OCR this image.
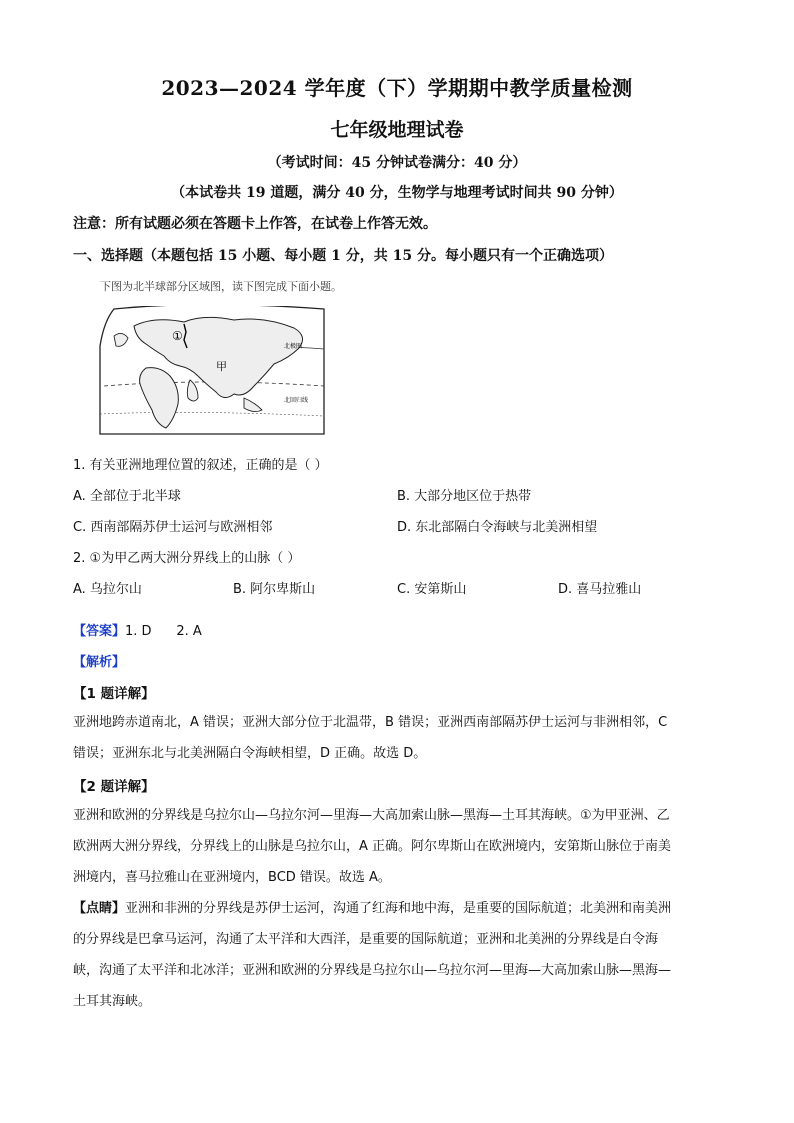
2023—2024 学年度（下）学期期中教学质量检测
七年级地理试卷
（考试时间：45 分钟试卷满分：40 分）
（本试卷共 19 道题，满分 40 分，生物学与地理考试时间共 90 分钟）
注意：所有试题必须在答题卡上作答，在试卷上作答无效。
一、选择题（本题包括 15 小题、每小题 1 分，共 15 分。每小题只有一个正确选项）
下图为北半球部分区域图，读下图完成下面小题。
①
甲
北极圈
北回归线
1. 有关亚洲地理位置的叙述，正确的是（ ）
A. 全部位于北半球	B. 大部分地区位于热带
C. 西南部隔苏伊士运河与欧洲相邻	D. 东北部隔白令海峡与北美洲相望
2. ①为甲乙两大洲分界线上的山脉（ ）
A. 乌拉尔山	B. 阿尔卑斯山	C. 安第斯山	D. 喜马拉雅山
【答案】1. D      2. A
【解析】
【1 题详解】
亚洲地跨赤道南北，A 错误；亚洲大部分位于北温带，B 错误；亚洲西南部隔苏伊士运河与非洲相邻，C
错误；亚洲东北与北美洲隔白令海峡相望，D 正确。故选 D。
【2 题详解】
亚洲和欧洲的分界线是乌拉尔山—乌拉尔河—里海—大高加索山脉—黑海—土耳其海峡。①为甲亚洲、乙
欧洲两大洲分界线，分界线上的山脉是乌拉尔山，A 正确。阿尔卑斯山在欧洲境内，安第斯山脉位于南美
洲境内，喜马拉雅山在亚洲境内，BCD 错误。故选 A。
【点睛】亚洲和非洲的分界线是苏伊士运河，沟通了红海和地中海，是重要的国际航道；北美洲和南美洲
的分界线是巴拿马运河，沟通了太平洋和大西洋，是重要的国际航道；亚洲和北美洲的分界线是白令海
峡，沟通了太平洋和北冰洋；亚洲和欧洲的分界线是乌拉尔山—乌拉尔河—里海—大高加索山脉—黑海—
土耳其海峡。
